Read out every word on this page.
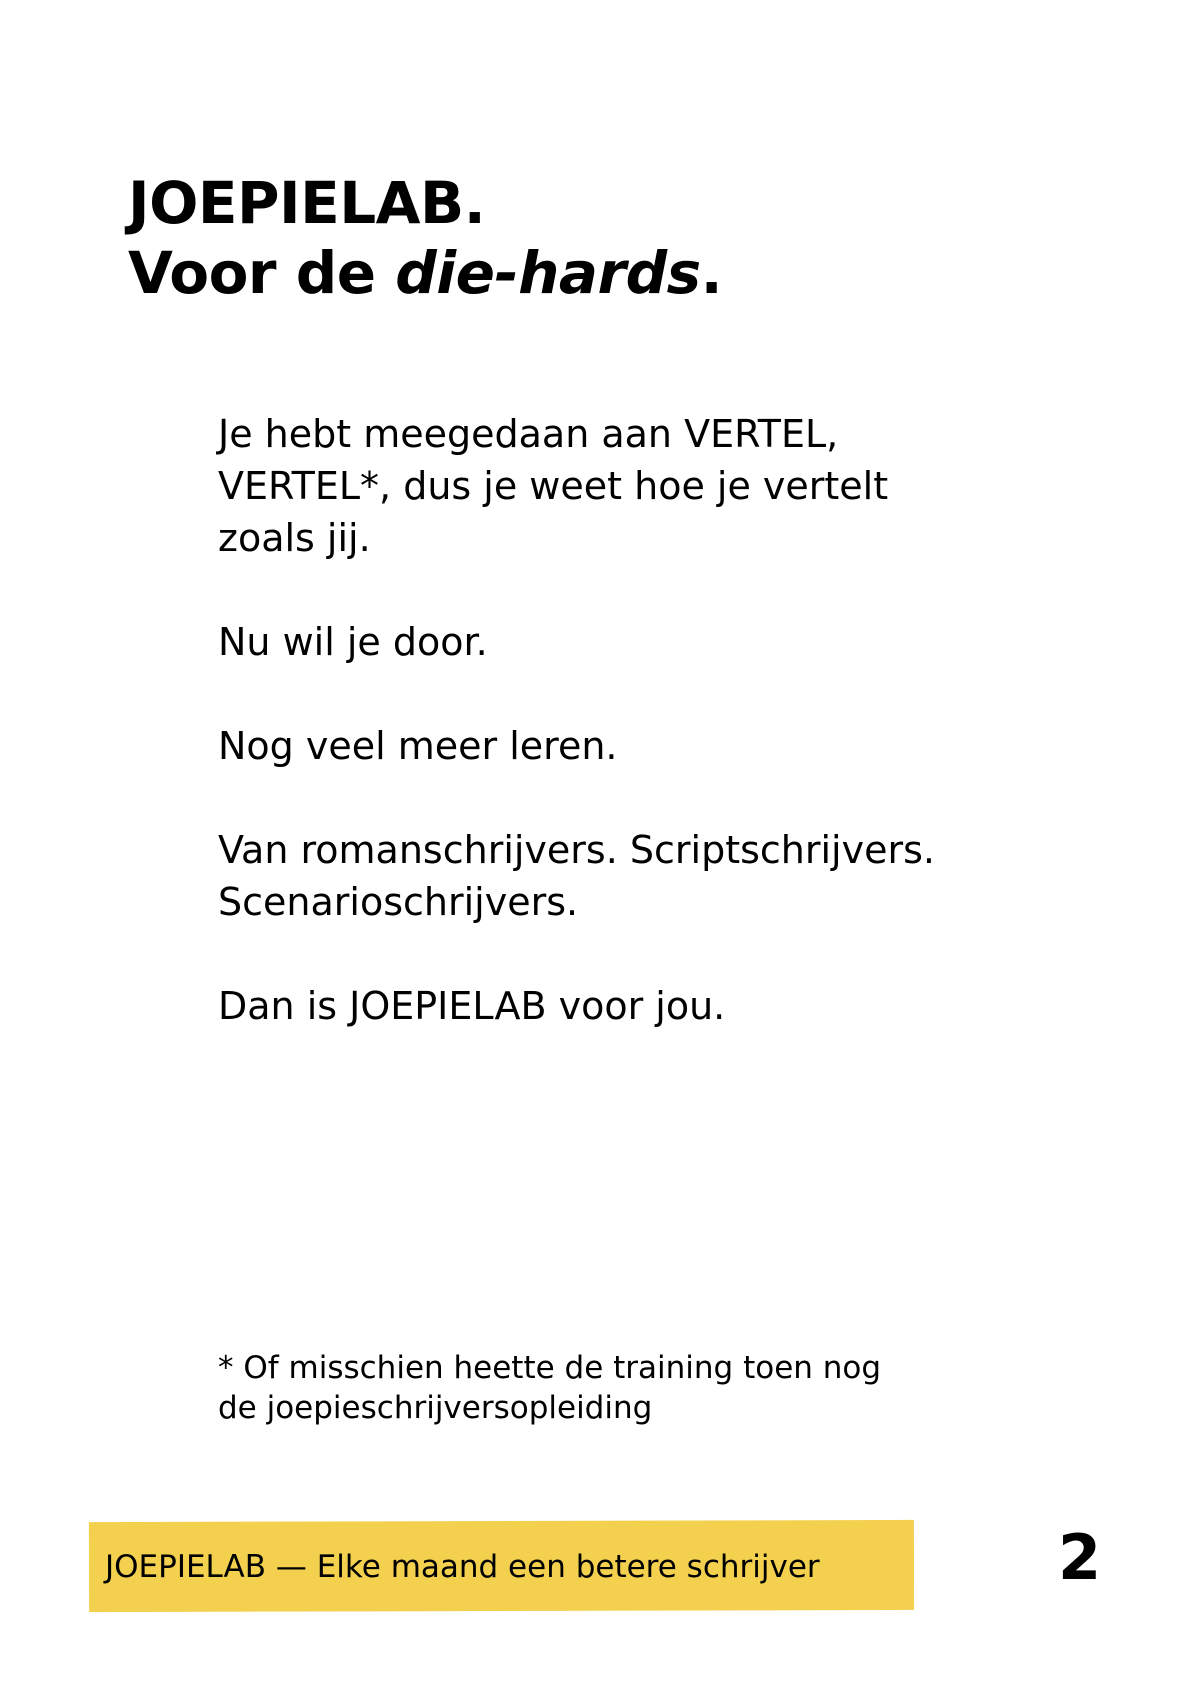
JOEPIELAB.
Voor de die-hards.

Je hebt meegedaan aan VERTEL,
VERTEL*, dus je weet hoe je vertelt
zoals jij.

Nu wil je door.

Nog veel meer leren.

Van romanschrijvers. Scriptschrijvers.
Scenarioschrijvers.

Dan is JOEPIELAB voor jou.

* Of misschien heette de training toen nog
de joepieschrijversopleiding
JOEPIELAB — Elke maand een betere schrijver	2
